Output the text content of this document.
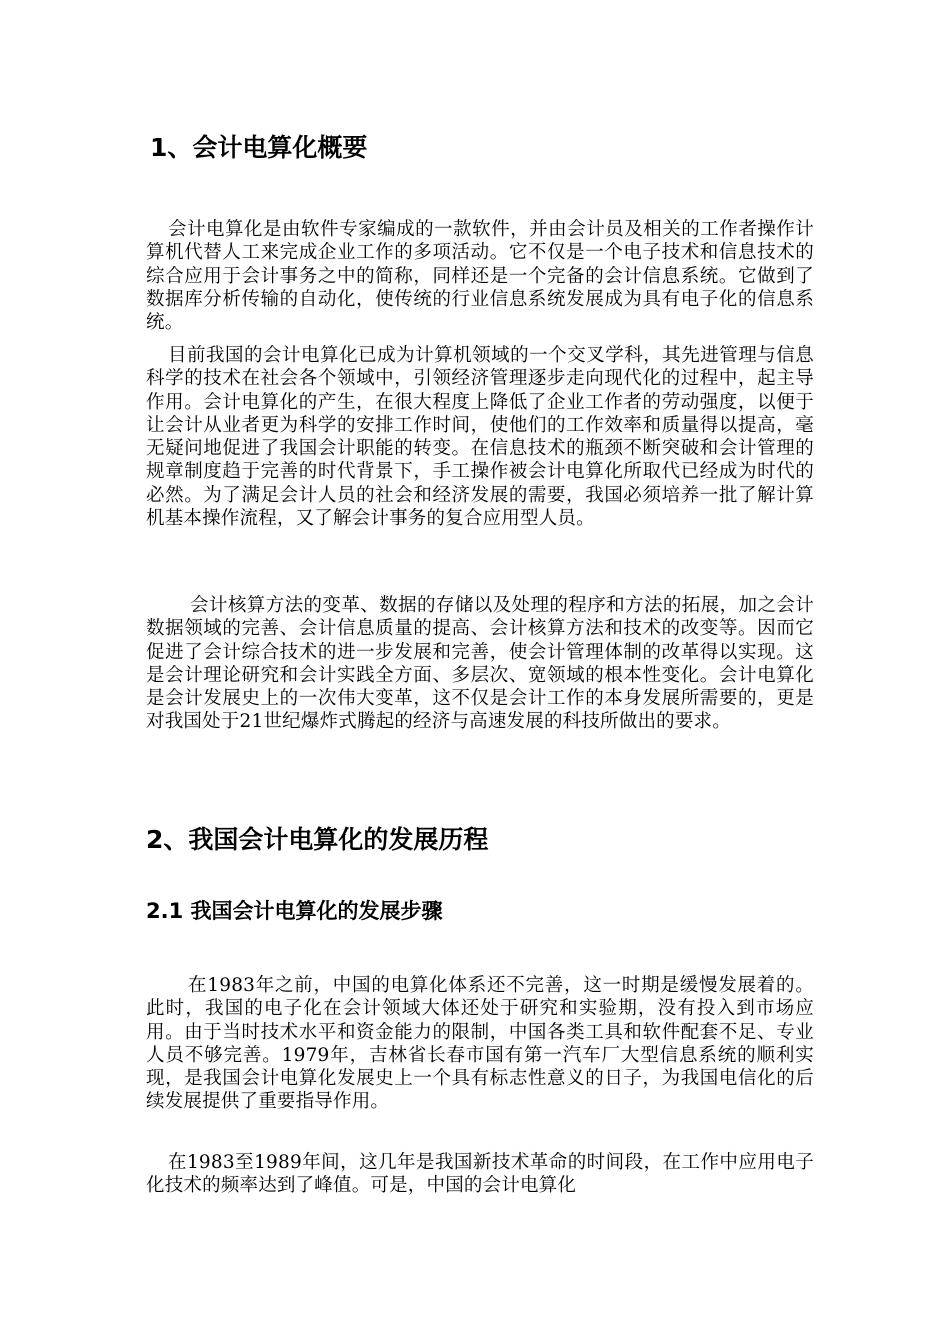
1、会计电算化概要

会计电算化是由软件专家编成的一款软件，并由会计员及相关的工作者操作计算机代替人工来完成企业工作的多项活动。它不仅是一个电子技术和信息技术的综合应用于会计事务之中的简称，同样还是一个完备的会计信息系统。它做到了数据库分析传输的自动化，使传统的行业信息系统发展成为具有电子化的信息系统。

目前我国的会计电算化已成为计算机领域的一个交叉学科，其先进管理与信息科学的技术在社会各个领域中，引领经济管理逐步走向现代化的过程中，起主导作用。会计电算化的产生，在很大程度上降低了企业工作者的劳动强度，以便于让会计从业者更为科学的安排工作时间，使他们的工作效率和质量得以提高，毫无疑问地促进了我国会计职能的转变。在信息技术的瓶颈不断突破和会计管理的规章制度趋于完善的时代背景下，手工操作被会计电算化所取代已经成为时代的必然。为了满足会计人员的社会和经济发展的需要，我国必须培养一批了解计算机基本操作流程，又了解会计事务的复合应用型人员。

会计核算方法的变革、数据的存储以及处理的程序和方法的拓展，加之会计数据领域的完善、会计信息质量的提高、会计核算方法和技术的改变等。因而它促进了会计综合技术的进一步发展和完善，使会计管理体制的改革得以实现。这是会计理论研究和会计实践全方面、多层次、宽领域的根本性变化。会计电算化是会计发展史上的一次伟大变革，这不仅是会计工作的本身发展所需要的，更是对我国处于21世纪爆炸式腾起的经济与高速发展的科技所做出的要求。

2、我国会计电算化的发展历程
2.1 我国会计电算化的发展步骤

在1983年之前，中国的电算化体系还不完善，这一时期是缓慢发展着的。此时，我国的电子化在会计领域大体还处于研究和实验期，没有投入到市场应用。由于当时技术水平和资金能力的限制，中国各类工具和软件配套不足、专业人员不够完善。1979年，吉林省长春市国有第一汽车厂大型信息系统的顺利实现，是我国会计电算化发展史上一个具有标志性意义的日子，为我国电信化的后续发展提供了重要指导作用。

在1983至1989年间，这几年是我国新技术革命的时间段，在工作中应用电子化技术的频率达到了峰值。可是，中国的会计电算化
